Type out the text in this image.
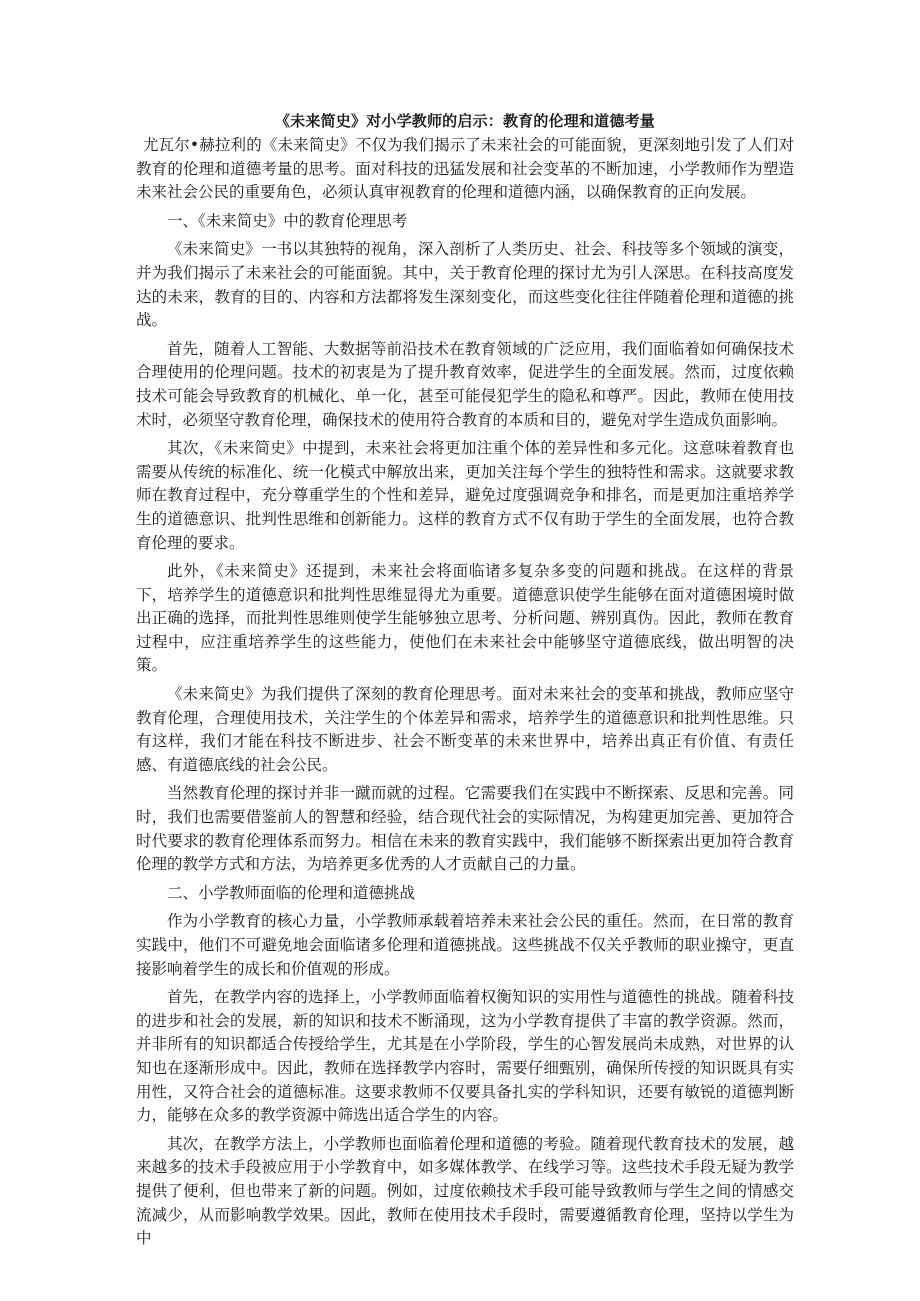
《未来简史》对小学教师的启示：教育的伦理和道德考量

尤瓦尔•赫拉利的《未来简史》不仅为我们揭示了未来社会的可能面貌，更深刻地引发了人们对教育的伦理和道德考量的思考。面对科技的迅猛发展和社会变革的不断加速，小学教师作为塑造未来社会公民的重要角色，必须认真审视教育的伦理和道德内涵，以确保教育的正向发展。

一、《未来简史》中的教育伦理思考

《未来简史》一书以其独特的视角，深入剖析了人类历史、社会、科技等多个领域的演变，并为我们揭示了未来社会的可能面貌。其中，关于教育伦理的探讨尤为引人深思。在科技高度发达的未来，教育的目的、内容和方法都将发生深刻变化，而这些变化往往伴随着伦理和道德的挑战。

首先，随着人工智能、大数据等前沿技术在教育领域的广泛应用，我们面临着如何确保技术合理使用的伦理问题。技术的初衷是为了提升教育效率，促进学生的全面发展。然而，过度依赖技术可能会导致教育的机械化、单一化，甚至可能侵犯学生的隐私和尊严。因此，教师在使用技术时，必须坚守教育伦理，确保技术的使用符合教育的本质和目的，避免对学生造成负面影响。

其次，《未来简史》中提到，未来社会将更加注重个体的差异性和多元化。这意味着教育也需要从传统的标准化、统一化模式中解放出来，更加关注每个学生的独特性和需求。这就要求教师在教育过程中，充分尊重学生的个性和差异，避免过度强调竞争和排名，而是更加注重培养学生的道德意识、批判性思维和创新能力。这样的教育方式不仅有助于学生的全面发展，也符合教育伦理的要求。

此外，《未来简史》还提到，未来社会将面临诸多复杂多变的问题和挑战。在这样的背景下，培养学生的道德意识和批判性思维显得尤为重要。道德意识使学生能够在面对道德困境时做出正确的选择，而批判性思维则使学生能够独立思考、分析问题、辨别真伪。因此，教师在教育过程中，应注重培养学生的这些能力，使他们在未来社会中能够坚守道德底线，做出明智的决策。

《未来简史》为我们提供了深刻的教育伦理思考。面对未来社会的变革和挑战，教师应坚守教育伦理，合理使用技术，关注学生的个体差异和需求，培养学生的道德意识和批判性思维。只有这样，我们才能在科技不断进步、社会不断变革的未来世界中，培养出真正有价值、有责任感、有道德底线的社会公民。

当然教育伦理的探讨并非一蹴而就的过程。它需要我们在实践中不断探索、反思和完善。同时，我们也需要借鉴前人的智慧和经验，结合现代社会的实际情况，为构建更加完善、更加符合时代要求的教育伦理体系而努力。相信在未来的教育实践中，我们能够不断探索出更加符合教育伦理的教学方式和方法，为培养更多优秀的人才贡献自己的力量。

二、小学教师面临的伦理和道德挑战

作为小学教育的核心力量，小学教师承载着培养未来社会公民的重任。然而，在日常的教育实践中，他们不可避免地会面临诸多伦理和道德挑战。这些挑战不仅关乎教师的职业操守，更直接影响着学生的成长和价值观的形成。

首先，在教学内容的选择上，小学教师面临着权衡知识的实用性与道德性的挑战。随着科技的进步和社会的发展，新的知识和技术不断涌现，这为小学教育提供了丰富的教学资源。然而，并非所有的知识都适合传授给学生，尤其是在小学阶段，学生的心智发展尚未成熟，对世界的认知也在逐渐形成中。因此，教师在选择教学内容时，需要仔细甄别，确保所传授的知识既具有实用性，又符合社会的道德标准。这要求教师不仅要具备扎实的学科知识，还要有敏锐的道德判断力，能够在众多的教学资源中筛选出适合学生的内容。

其次，在教学方法上，小学教师也面临着伦理和道德的考验。随着现代教育技术的发展，越来越多的技术手段被应用于小学教育中，如多媒体教学、在线学习等。这些技术手段无疑为教学提供了便利，但也带来了新的问题。例如，过度依赖技术手段可能导致教师与学生之间的情感交流减少，从而影响教学效果。因此，教师在使用技术手段时，需要遵循教育伦理，坚持以学生为中
